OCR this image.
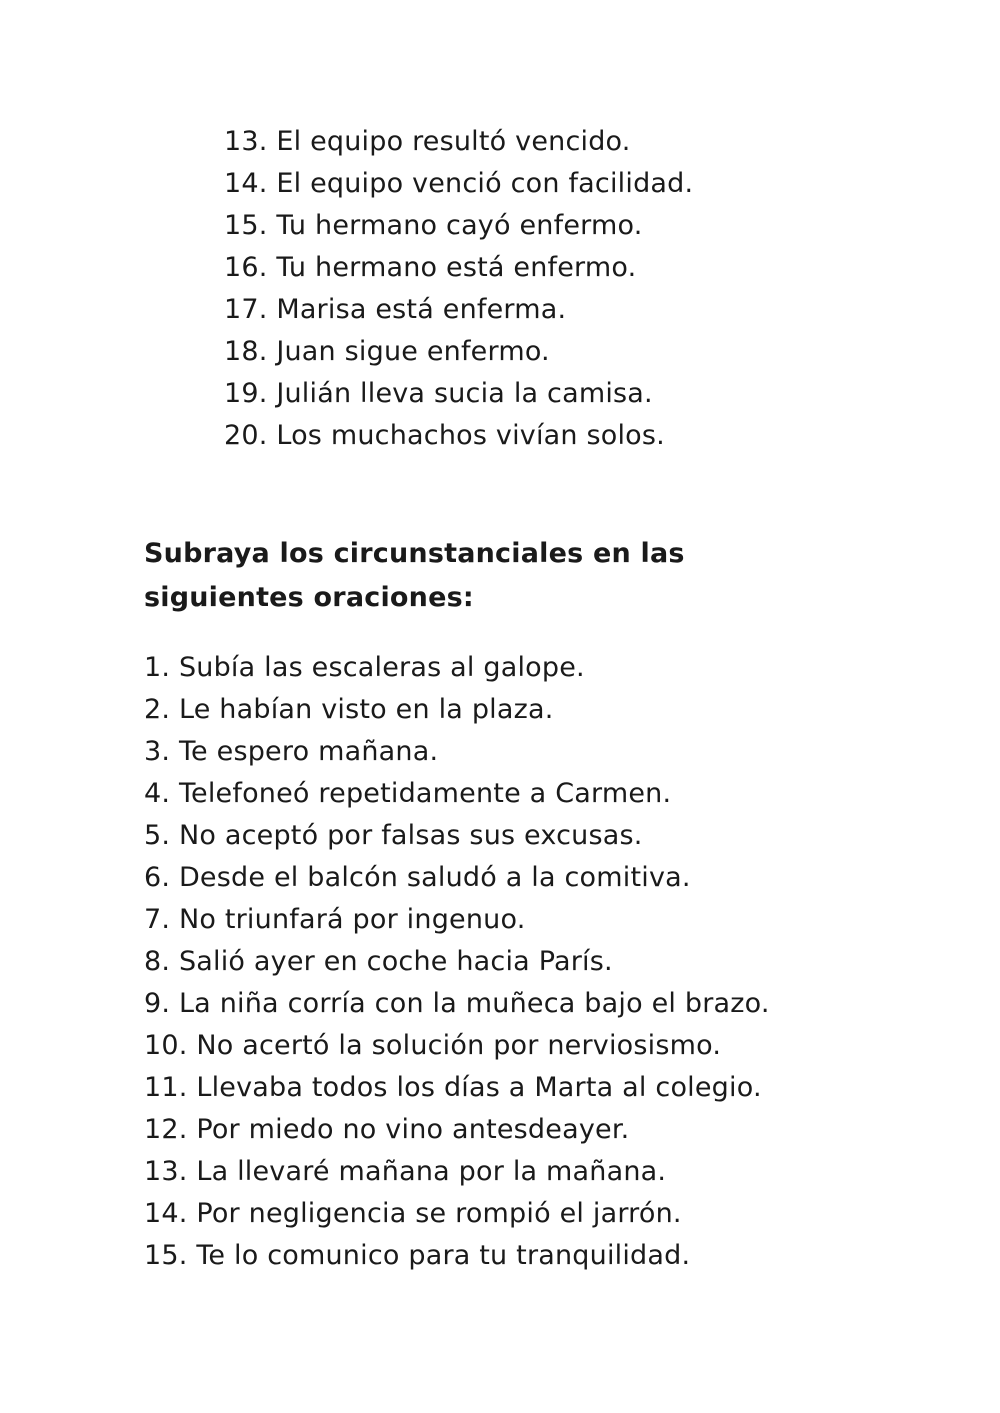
13. El equipo resultó vencido.
14. El equipo venció con facilidad.
15. Tu hermano cayó enfermo.
16. Tu hermano está enfermo.
17. Marisa está enferma.
18. Juan sigue enfermo.
19. Julián lleva sucia la camisa.
20. Los muchachos vivían solos.

Subraya los circunstanciales en las siguientes oraciones:

1. Subía las escaleras al galope.
2. Le habían visto en la plaza.
3. Te espero mañana.
4. Telefoneó repetidamente a Carmen.
5. No aceptó por falsas sus excusas.
6. Desde el balcón saludó a la comitiva.
7. No triunfará por ingenuo.
8. Salió ayer en coche hacia París.
9. La niña corría con la muñeca bajo el brazo.
10. No acertó la solución por nerviosismo.
11. Llevaba todos los días a Marta al colegio.
12. Por miedo no vino antesdeayer.
13. La llevaré mañana por la mañana.
14. Por negligencia se rompió el jarrón.
15. Te lo comunico para tu tranquilidad.
